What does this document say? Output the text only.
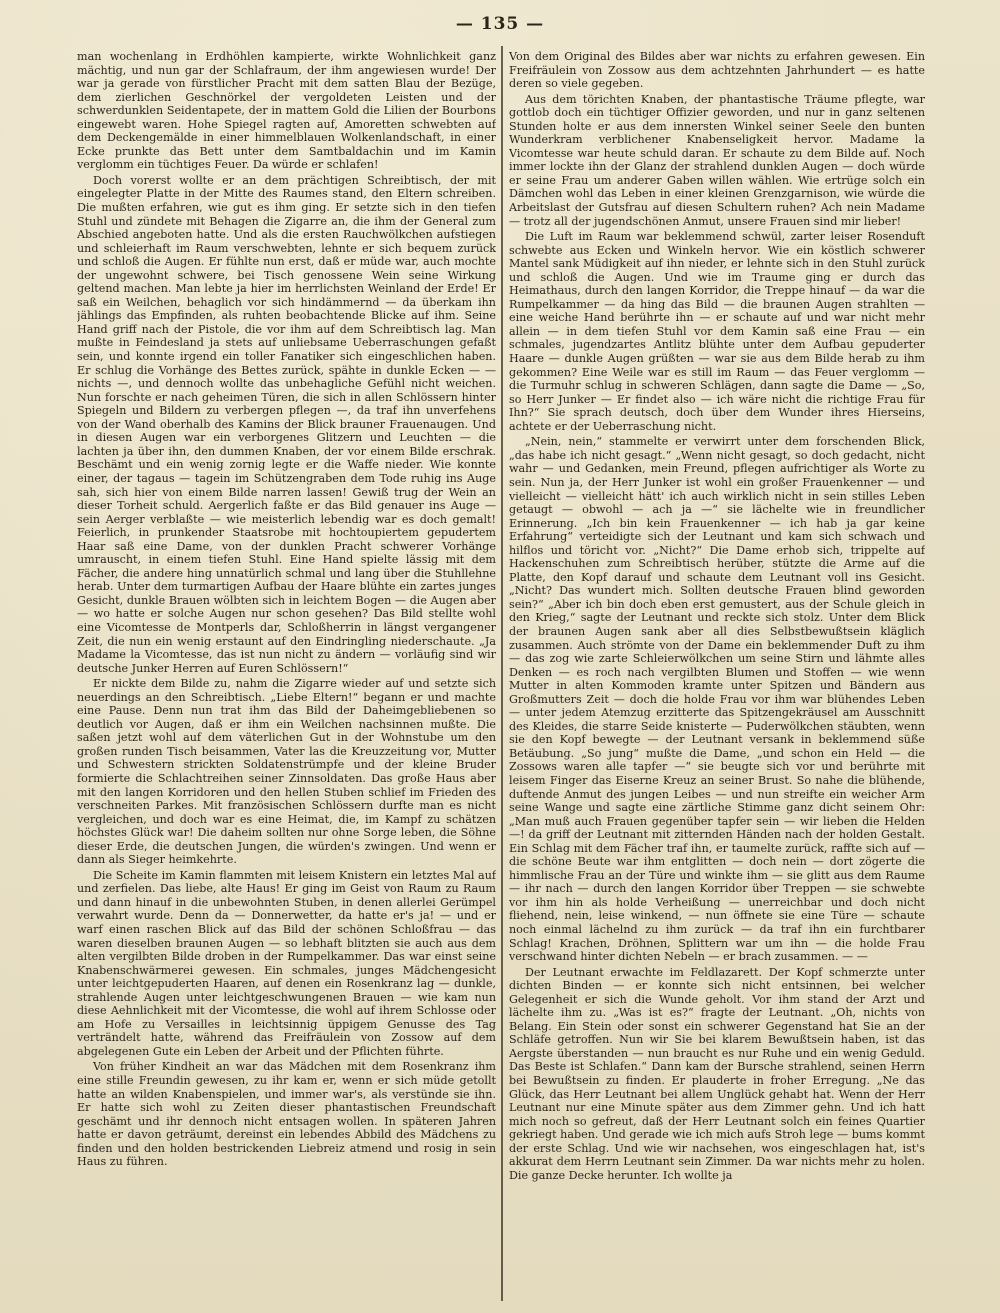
— 135 —

man wochenlang in Erdhöhlen kampierte, wirkte Wohnlichkeit ganz mächtig, und nun gar der Schlafraum, der ihm angewiesen wurde! Der war ja gerade von fürstlicher Pracht mit dem satten Blau der Bezüge, dem zierlichen Geschnörkel der vergoldeten Leisten und der schwerdunklen Seidentapete, der in mattem Gold die Lilien der Bourbons eingewebt waren. Hohe Spiegel ragten auf, Amoretten schwebten auf dem Deckengemälde in einer himmelblauen Wolkenlandschaft, in einer Ecke prunkte das Bett unter dem Samtbaldachin und im Kamin verglomm ein tüchtiges Feuer. Da würde er schlafen!

Doch vorerst wollte er an dem prächtigen Schreibtisch, der mit eingelegter Platte in der Mitte des Raumes stand, den Eltern schreiben. Die mußten erfahren, wie gut es ihm ging. Er setzte sich in den tiefen Stuhl und zündete mit Behagen die Zigarre an, die ihm der General zum Abschied angeboten hatte. Und als die ersten Rauchwölkchen aufstiegen und schleierhaft im Raum verschwebten, lehnte er sich bequem zurück und schloß die Augen. Er fühlte nun erst, daß er müde war, auch mochte der ungewohnt schwere, bei Tisch genossene Wein seine Wirkung geltend machen. Man lebte ja hier im herrlichsten Weinland der Erde! Er saß ein Weilchen, behaglich vor sich hindämmernd — da überkam ihn jählings das Empfinden, als ruhten beobachtende Blicke auf ihm. Seine Hand griff nach der Pistole, die vor ihm auf dem Schreibtisch lag. Man mußte in Feindesland ja stets auf unliebsame Ueberraschungen gefaßt sein, und konnte irgend ein toller Fanatiker sich eingeschlichen haben. Er schlug die Vorhänge des Bettes zurück, spähte in dunkle Ecken — — nichts —, und dennoch wollte das unbehagliche Gefühl nicht weichen. Nun forschte er nach geheimen Türen, die sich in allen Schlössern hinter Spiegeln und Bildern zu verbergen pflegen —, da traf ihn unverfehens von der Wand oberhalb des Kamins der Blick brauner Frauenaugen. Und in diesen Augen war ein verborgenes Glitzern und Leuchten — die lachten ja über ihn, den dummen Knaben, der vor einem Bilde erschrak. Beschämt und ein wenig zornig legte er die Waffe nieder. Wie konnte einer, der tagaus — tagein im Schützengraben dem Tode ruhig ins Auge sah, sich hier von einem Bilde narren lassen! Gewiß trug der Wein an dieser Torheit schuld. Aergerlich faßte er das Bild genauer ins Auge — sein Aerger verblaßte — wie meisterlich lebendig war es doch gemalt! Feierlich, in prunkender Staatsrobe mit hochtoupiertem gepudertem Haar saß eine Dame, von der dunklen Pracht schwerer Vorhänge umrauscht, in einem tiefen Stuhl. Eine Hand spielte lässig mit dem Fächer, die andere hing unnatürlich schmal und lang über die Stuhllehne herab. Unter dem turmartigen Aufbau der Haare blühte ein zartes junges Gesicht, dunkle Brauen wölbten sich in leichtem Bogen — die Augen aber — wo hatte er solche Augen nur schon gesehen? Das Bild stellte wohl eine Vicomtesse de Montperls dar, Schloßherrin in längst vergangener Zeit, die nun ein wenig erstaunt auf den Eindringling niederschaute. „Ja Madame la Vicomtesse, das ist nun nicht zu ändern — vorläufig sind wir deutsche Junker Herren auf Euren Schlössern!“

Er nickte dem Bilde zu, nahm die Zigarre wieder auf und setzte sich neuerdings an den Schreibtisch. „Liebe Eltern!“ begann er und machte eine Pause. Denn nun trat ihm das Bild der Daheimgebliebenen so deutlich vor Augen, daß er ihm ein Weilchen nachsinnen mußte. Die saßen jetzt wohl auf dem väterlichen Gut in der Wohnstube um den großen runden Tisch beisammen, Vater las die Kreuzzeitung vor, Mutter und Schwestern strickten Soldatenstrümpfe und der kleine Bruder formierte die Schlachtreihen seiner Zinnsoldaten. Das große Haus aber mit den langen Korridoren und den hellen Stuben schlief im Frieden des verschneiten Parkes. Mit französischen Schlössern durfte man es nicht vergleichen, und doch war es eine Heimat, die, im Kampf zu schätzen höchstes Glück war! Die daheim sollten nur ohne Sorge leben, die Söhne dieser Erde, die deutschen Jungen, die würden's zwingen. Und wenn er dann als Sieger heimkehrte.

Die Scheite im Kamin flammten mit leisem Knistern ein letztes Mal auf und zerfielen. Das liebe, alte Haus! Er ging im Geist von Raum zu Raum und dann hinauf in die unbewohnten Stuben, in denen allerlei Gerümpel verwahrt wurde. Denn da — Donnerwetter, da hatte er's ja! — und er warf einen raschen Blick auf das Bild der schönen Schloßfrau — das waren dieselben braunen Augen — so lebhaft blitzten sie auch aus dem alten vergilbten Bilde droben in der Rumpelkammer. Das war einst seine Knabenschwärmerei gewesen. Ein schmales, junges Mädchengesicht unter leichtgepuderten Haaren, auf denen ein Rosenkranz lag — dunkle, strahlende Augen unter leichtgeschwungenen Brauen — wie kam nun diese Aehnlichkeit mit der Vicomtesse, die wohl auf ihrem Schlosse oder am Hofe zu Versailles in leichtsinnig üppigem Genusse des Tag verträndelt hatte, während das Freifräulein von Zossow auf dem abgelegenen Gute ein Leben der Arbeit und der Pflichten führte.

Von früher Kindheit an war das Mädchen mit dem Rosenkranz ihm eine stille Freundin gewesen, zu ihr kam er, wenn er sich müde getollt hatte an wilden Knabenspielen, und immer war's, als verstünde sie ihn. Er hatte sich wohl zu Zeiten dieser phantastischen Freundschaft geschämt und ihr dennoch nicht entsagen wollen. In späteren Jahren hatte er davon geträumt, dereinst ein lebendes Abbild des Mädchens zu finden und den holden bestrickenden Liebreiz atmend und rosig in sein Haus zu führen.

Von dem Original des Bildes aber war nichts zu erfahren gewesen. Ein Freifräulein von Zossow aus dem achtzehnten Jahrhundert — es hatte deren so viele gegeben.

Aus dem törichten Knaben, der phantastische Träume pflegte, war gottlob doch ein tüchtiger Offizier geworden, und nur in ganz seltenen Stunden holte er aus dem innersten Winkel seiner Seele den bunten Wunderkram verblichener Knabenseligkeit hervor. Madame la Vicomtesse war heute schuld daran. Er schaute zu dem Bilde auf. Noch immer lockte ihn der Glanz der strahlend dunklen Augen — doch würde er seine Frau um anderer Gaben willen wählen. Wie ertrüge solch ein Dämchen wohl das Leben in einer kleinen Grenzgarnison, wie würde die Arbeitslast der Gutsfrau auf diesen Schultern ruhen? Ach nein Madame — trotz all der jugendschönen Anmut, unsere Frauen sind mir lieber!

Die Luft im Raum war beklemmend schwül, zarter leiser Rosenduft schwebte aus Ecken und Winkeln hervor. Wie ein köstlich schwerer Mantel sank Müdigkeit auf ihn nieder, er lehnte sich in den Stuhl zurück und schloß die Augen. Und wie im Traume ging er durch das Heimathaus, durch den langen Korridor, die Treppe hinauf — da war die Rumpelkammer — da hing das Bild — die braunen Augen strahlten — eine weiche Hand berührte ihn — er schaute auf und war nicht mehr allein — in dem tiefen Stuhl vor dem Kamin saß eine Frau — ein schmales, jugendzartes Antlitz blühte unter dem Aufbau gepuderter Haare — dunkle Augen grüßten — war sie aus dem Bilde herab zu ihm gekommen? Eine Weile war es still im Raum — das Feuer verglomm — die Turmuhr schlug in schweren Schlägen, dann sagte die Dame — „So, so Herr Junker — Er findet also — ich wäre nicht die richtige Frau für Ihn?“ Sie sprach deutsch, doch über dem Wunder ihres Hierseins, achtete er der Ueberraschung nicht.

„Nein, nein,“ stammelte er verwirrt unter dem forschenden Blick, „das habe ich nicht gesagt.“ „Wenn nicht gesagt, so doch gedacht, nicht wahr — und Gedanken, mein Freund, pflegen aufrichtiger als Worte zu sein. Nun ja, der Herr Junker ist wohl ein großer Frauenkenner — und vielleicht — vielleicht hätt' ich auch wirklich nicht in sein stilles Leben getaugt — obwohl — ach ja —“ sie lächelte wie in freundlicher Erinnerung. „Ich bin kein Frauenkenner — ich hab ja gar keine Erfahrung“ verteidigte sich der Leutnant und kam sich schwach und hilflos und töricht vor. „Nicht?“ Die Dame erhob sich, trippelte auf Hackenschuhen zum Schreibtisch herüber, stützte die Arme auf die Platte, den Kopf darauf und schaute dem Leutnant voll ins Gesicht. „Nicht? Das wundert mich. Sollten deutsche Frauen blind geworden sein?“ „Aber ich bin doch eben erst gemustert, aus der Schule gleich in den Krieg,“ sagte der Leutnant und reckte sich stolz. Unter dem Blick der braunen Augen sank aber all dies Selbstbewußtsein kläglich zusammen. Auch strömte von der Dame ein beklemmender Duft zu ihm — das zog wie zarte Schleierwölkchen um seine Stirn und lähmte alles Denken — es roch nach vergilbten Blumen und Stoffen — wie wenn Mutter in alten Kommoden kramte unter Spitzen und Bändern aus Großmutters Zeit — doch die holde Frau vor ihm war blühendes Leben — unter jedem Atemzug erzitterte das Spitzengekräusel am Ausschnitt des Kleides, die starre Seide knisterte — Puderwölkchen stäubten, wenn sie den Kopf bewegte — der Leutnant versank in beklemmend süße Betäubung. „So jung“ mußte die Dame, „und schon ein Held — die Zossows waren alle tapfer —“ sie beugte sich vor und berührte mit leisem Finger das Eiserne Kreuz an seiner Brust. So nahe die blühende, duftende Anmut des jungen Leibes — und nun streifte ein weicher Arm seine Wange und sagte eine zärtliche Stimme ganz dicht seinem Ohr: „Man muß auch Frauen gegenüber tapfer sein — wir lieben die Helden —! da griff der Leutnant mit zitternden Händen nach der holden Gestalt. Ein Schlag mit dem Fächer traf ihn, er taumelte zurück, raffte sich auf — die schöne Beute war ihm entglitten — doch nein — dort zögerte die himmlische Frau an der Türe und winkte ihm — sie glitt aus dem Raume — ihr nach — durch den langen Korridor über Treppen — sie schwebte vor ihm hin als holde Verheißung — unerreichbar und doch nicht fliehend, nein, leise winkend, — nun öffnete sie eine Türe — schaute noch einmal lächelnd zu ihm zurück — da traf ihn ein furchtbarer Schlag! Krachen, Dröhnen, Splittern war um ihn — die holde Frau verschwand hinter dichten Nebeln — er brach zusammen. — —

Der Leutnant erwachte im Feldlazarett. Der Kopf schmerzte unter dichten Binden — er konnte sich nicht entsinnen, bei welcher Gelegenheit er sich die Wunde geholt. Vor ihm stand der Arzt und lächelte ihm zu. „Was ist es?“ fragte der Leutnant. „Oh, nichts von Belang. Ein Stein oder sonst ein schwerer Gegenstand hat Sie an der Schläfe getroffen. Nun wir Sie bei klarem Bewußtsein haben, ist das Aergste überstanden — nun braucht es nur Ruhe und ein wenig Geduld. Das Beste ist Schlafen.“ Dann kam der Bursche strahlend, seinen Herrn bei Bewußtsein zu finden. Er plauderte in froher Erregung. „Ne das Glück, das Herr Leutnant bei allem Unglück gehabt hat. Wenn der Herr Leutnant nur eine Minute später aus dem Zimmer gehn. Und ich hatt mich noch so gefreut, daß der Herr Leutnant solch ein feines Quartier gekriegt haben. Und gerade wie ich mich aufs Stroh lege — bums kommt der erste Schlag. Und wie wir nachsehen, wos eingeschlagen hat, ist's akkurat dem Herrn Leutnant sein Zimmer. Da war nichts mehr zu holen. Die ganze Decke herunter. Ich wollte ja
